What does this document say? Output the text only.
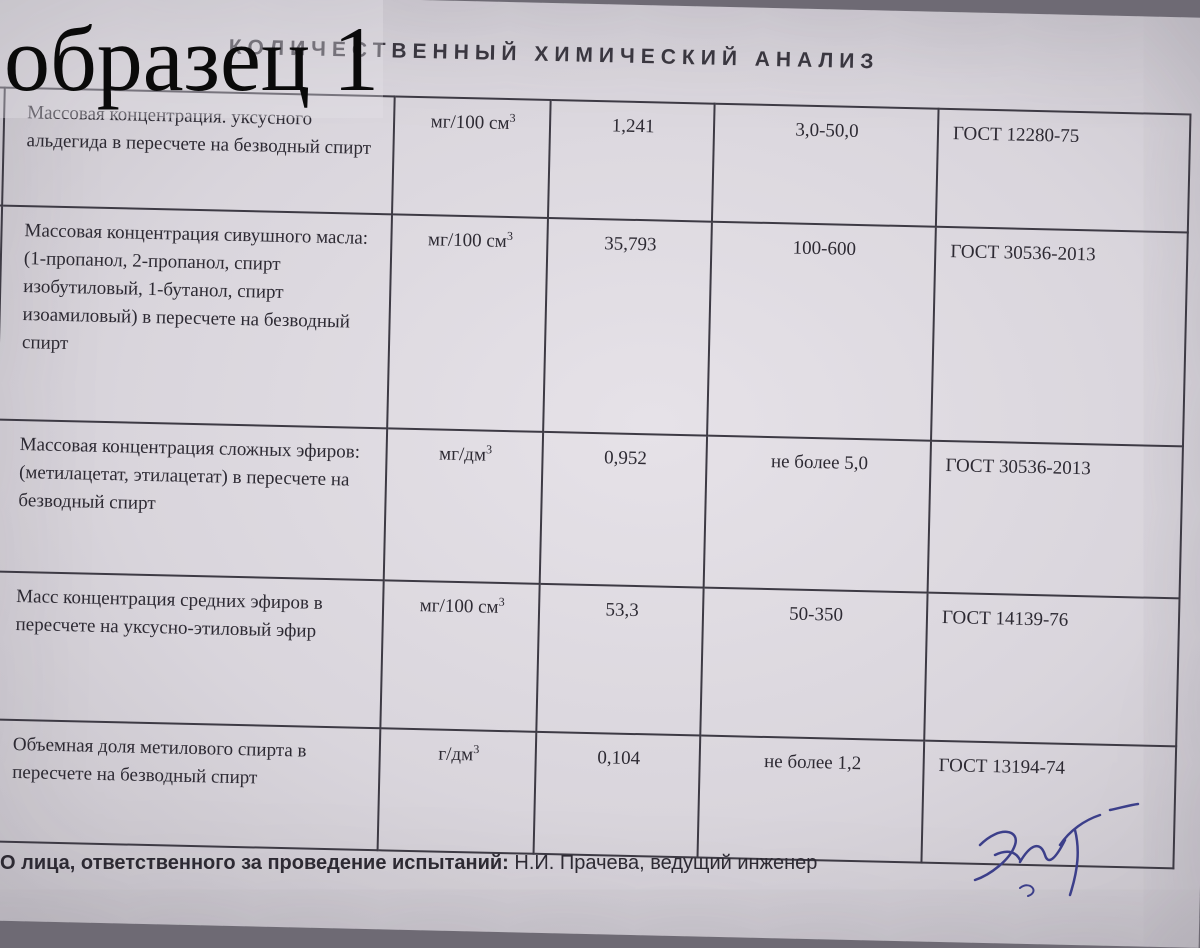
КОЛИЧЕСТВЕННЫЙ ХИМИЧЕСКИЙ АНАЛИЗ
	Массовая концентрация. уксусного альдегида в пересчете на безводный спирт	мг/100 $см^3$	1,241	3,0-50,0	ГОСТ 12280-75
	Массовая концентрация сивушного масла: (1-пропанол, 2-пропанол, спирт изобутиловый, 1-бутанол, спирт изоамиловый) в пересчете на безводный спирт	мг/100 $см^3$	35,793	100-600	ГОСТ 30536-2013
	Массовая концентрация сложных эфиров: (метилацетат, этилацетат) в пересчете на безводный спирт	$мг/дм^3$	0,952	не более 5,0	ГОСТ 30536-2013
	Масс концентрация средних эфиров в пересчете на уксусно-этиловый эфир	мг/100 $см^3$	53,3	50-350	ГОСТ 14139-76
	Объемная доля метилового спирта в пересчете на безводный спирт	$г/дм^3$	0,104	не более 1,2	ГОСТ 13194-74
образец 1
О лица, ответственного за проведение испытаний: Н.И. Прачева, ведущий инженер
